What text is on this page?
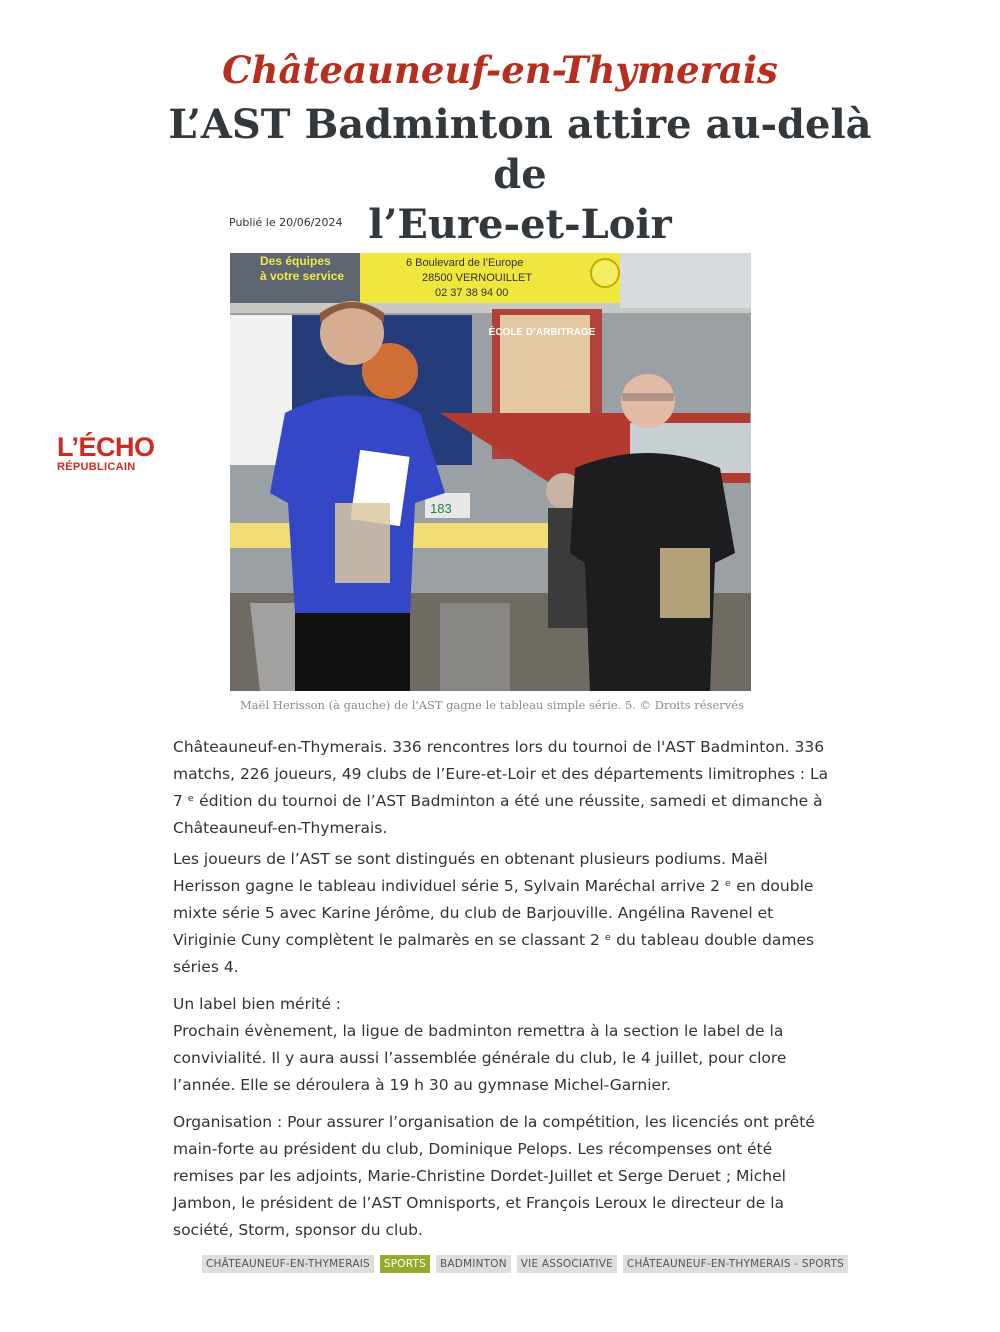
Châteauneuf-en-Thymerais
L’AST Badminton attire au-delà de
l’Eure-et-Loir
Publié le 20/06/2024
L’ÉCHO
RÉPUBLICAIN
Des équipes
à votre service
6 Boulevard de l’Europe
28500 VERNOUILLET
02 37 38 94 00
ÉCOLE D’ARBITRAGE
183
Maël Herisson (à gauche) de l'AST gagne le tableau simple série. 5. © Droits réservés

Châteauneuf-en-Thymerais. 336 rencontres lors du tournoi de l'AST Badminton. 336 matchs, 226 joueurs, 49 clubs de l’Eure-et-Loir et des départements limitrophes : La 7 ᵉ édition du tournoi de l’AST Badminton a été une réussite, samedi et dimanche à Châteauneuf-en-Thymerais.

Les joueurs de l’AST se sont distingués en obtenant plusieurs podiums. Maël Herisson gagne le tableau individuel série 5, Sylvain Maréchal arrive 2 ᵉ en double mixte série 5 avec Karine Jérôme, du club de Barjouville. Angélina Ravenel et Viriginie Cuny complètent le palmarès en se classant 2 ᵉ du tableau double dames séries 4.

Un label bien mérité :

Prochain évènement, la ligue de badminton remettra à la section le label de la convivialité. Il y aura aussi l’assemblée générale du club, le 4 juillet, pour clore l’année. Elle se déroulera à 19 h 30 au gymnase Michel-Garnier.

Organisation : Pour assurer l’organisation de la compétition, les licenciés ont prêté main-forte au président du club, Dominique Pelops. Les récompenses ont été remises par les adjoints, Marie-Christine Dordet-Juillet et Serge Deruet ; Michel Jambon, le président de l’AST Omnisports, et François Leroux le directeur de la société, Storm, sponsor du club.

CHÂTEAUNEUF-EN-THYMERAIS	SPORTS	BADMINTON	VIE ASSOCIATIVE	CHÂTEAUNEUF-EN-THYMERAIS - SPORTS
